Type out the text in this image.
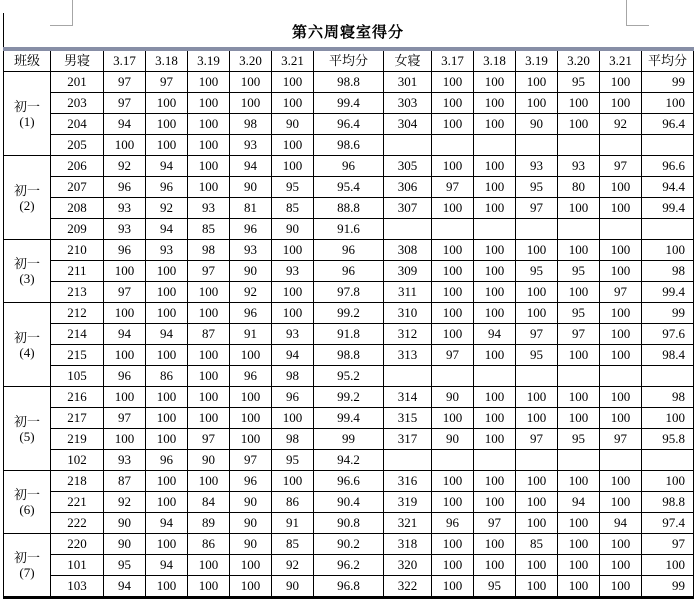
第六周寝室得分
班级	男寝	3.17	3.18	3.19	3.20	3.21	平均分	女寝	3.17	3.18	3.19	3.20	3.21	平均分

初一
(1)	201	97	97	100	100	100	98.8	301	100	100	100	95	100	99
	203	97	100	100	100	100	99.4	303	100	100	100	100	100	100
	204	94	100	100	98	90	96.4	304	100	100	90	100	92	96.4
	205	100	100	100	93	100	98.6							

初一
(2)	206	92	94	100	94	100	96	305	100	100	93	93	97	96.6
	207	96	96	100	90	95	95.4	306	97	100	95	80	100	94.4
	208	93	92	93	81	85	88.8	307	100	100	97	100	100	99.4
	209	93	94	85	96	90	91.6							

初一
(3)	210	96	93	98	93	100	96	308	100	100	100	100	100	100
	211	100	100	97	90	93	96	309	100	100	95	95	100	98
	213	97	100	100	92	100	97.8	311	100	100	100	100	97	99.4

初一
(4)	212	100	100	100	96	100	99.2	310	100	100	100	95	100	99
	214	94	94	87	91	93	91.8	312	100	94	97	97	100	97.6
	215	100	100	100	100	94	98.8	313	97	100	95	100	100	98.4
	105	96	86	100	96	98	95.2							

初一
(5)	216	100	100	100	100	96	99.2	314	90	100	100	100	100	98
	217	97	100	100	100	100	99.4	315	100	100	100	100	100	100
	219	100	100	97	100	98	99	317	90	100	97	95	97	95.8
	102	93	96	90	97	95	94.2							

初一
(6)	218	87	100	100	96	100	96.6	316	100	100	100	100	100	100
	221	92	100	84	90	86	90.4	319	100	100	100	94	100	98.8
	222	90	94	89	90	91	90.8	321	96	97	100	100	94	97.4

初一
(7)	220	90	100	86	90	85	90.2	318	100	100	85	100	100	97
	101	95	94	100	100	92	96.2	320	100	100	100	100	100	100
	103	94	100	100	100	90	96.8	322	100	95	100	100	100	99
